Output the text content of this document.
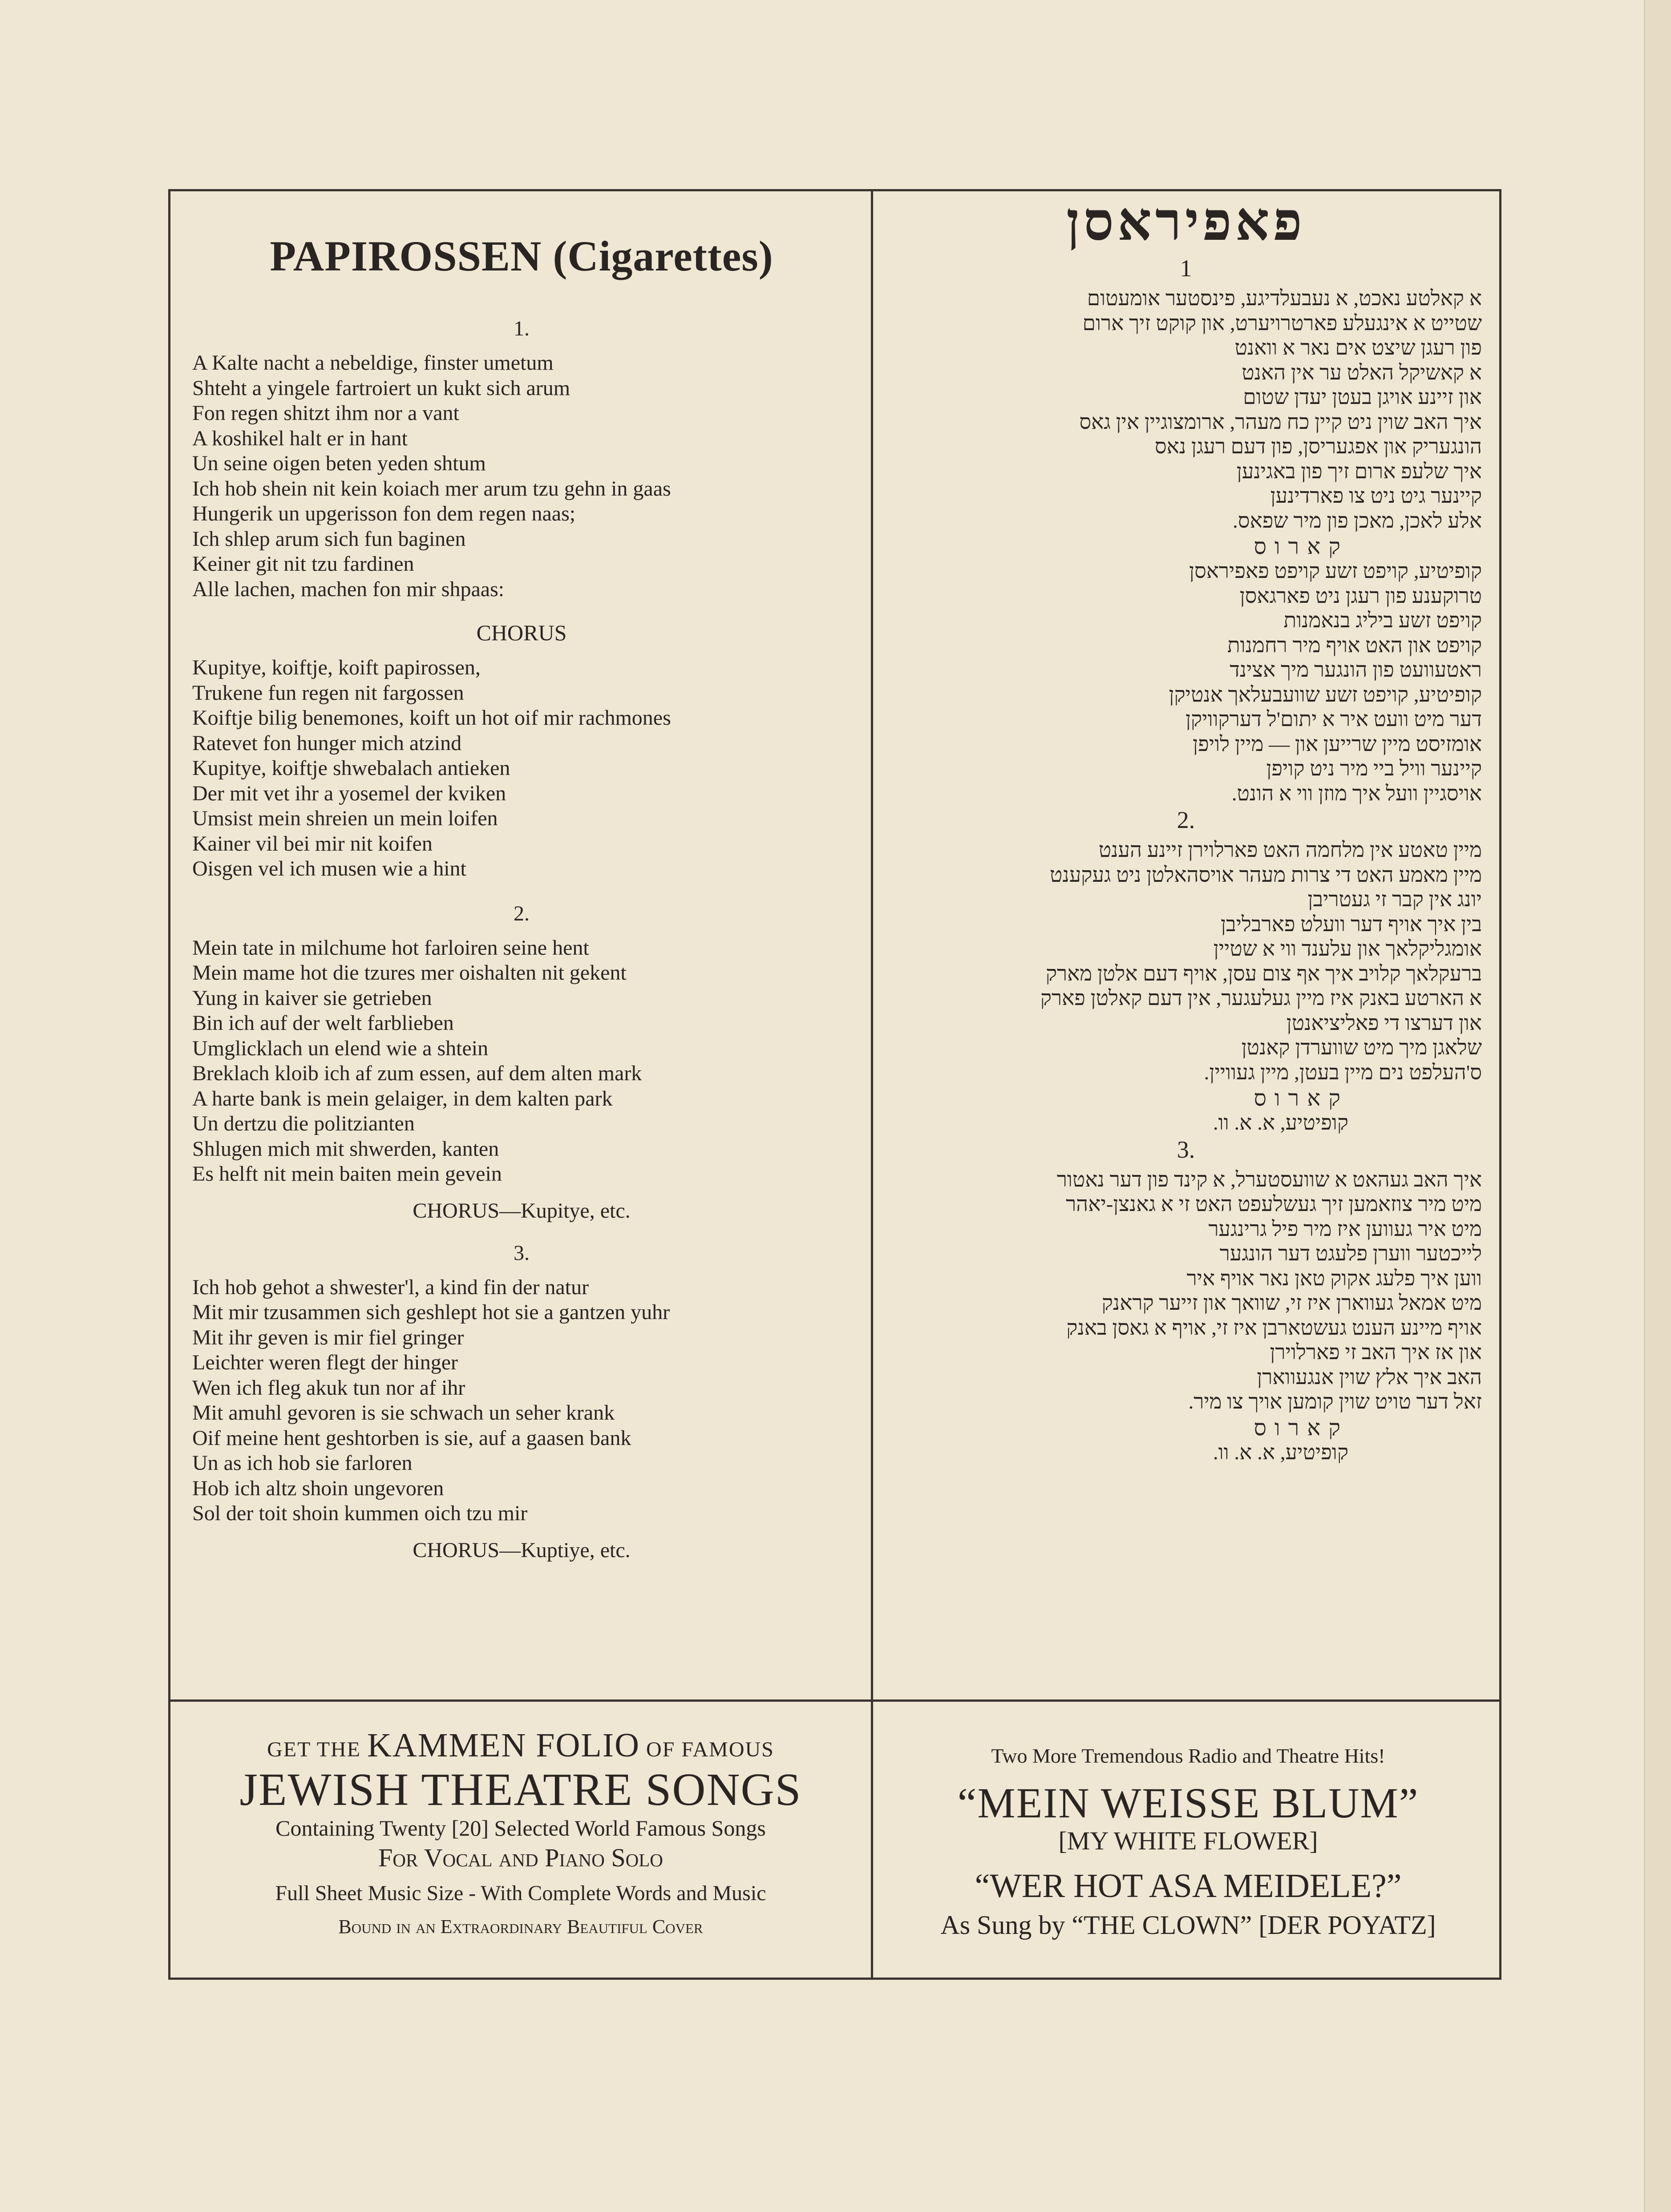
PAPIROSSEN (Cigarettes)
1.
A Kalte nacht a nebeldige, finster umetum
Shteht a yingele fartroiert un kukt sich arum
Fon regen shitzt ihm nor a vant
A koshikel halt er in hant
Un seine oigen beten yeden shtum
Ich hob shein nit kein koiach mer arum tzu gehn in gaas
Hungerik un upgerisson fon dem regen naas;
Ich shlep arum sich fun baginen
Keiner git nit tzu fardinen
Alle lachen, machen fon mir shpaas:
CHORUS
Kupitye, koiftje, koift papirossen,
Trukene fun regen nit fargossen
Koiftje bilig benemones, koift un hot oif mir rachmones
Ratevet fon hunger mich atzind
Kupitye, koiftje shwebalach antieken
Der mit vet ihr a yosemel der kviken
Umsist mein shreien un mein loifen
Kainer vil bei mir nit koifen
Oisgen vel ich musen wie a hint
2.
Mein tate in milchume hot farloiren seine hent
Mein mame hot die tzures mer oishalten nit gekent
Yung in kaiver sie getrieben
Bin ich auf der welt farblieben
Umglicklach un elend wie a shtein
Breklach kloib ich af zum essen, auf dem alten mark
A harte bank is mein gelaiger, in dem kalten park
Un dertzu die politzianten
Shlugen mich mit shwerden, kanten
Es helft nit mein baiten mein gevein
CHORUS—Kupitye, etc.
3.
Ich hob gehot a shwester'l, a kind fin der natur
Mit mir tzusammen sich geshlept hot sie a gantzen yuhr
Mit ihr geven is mir fiel gringer
Leichter weren flegt der hinger
Wen ich fleg akuk tun nor af ihr
Mit amuhl gevoren is sie schwach un seher krank
Oif meine hent geshtorben is sie, auf a gaasen bank
Un as ich hob sie farloren
Hob ich altz shoin ungevoren
Sol der toit shoin kummen oich tzu mir
CHORUS—Kuptiye, etc.
פאפיראסן
1
א קאלטע נאכט, א נעבעלדיגע, פינסטער אומעטום
שטייט א אינגעלע פארטרויערט, און קוקט זיך ארום
פון רעגן שיצט אים נאר א וואנט
א קאשיקל האלט ער אין האנט
און זיינע אויגן בעטן יעדן שטום
איך האב שוין ניט קיין כח מעהר, ארומצוגיין אין גאס
הונגעריק און אפגעריסן, פון דעם רעגן נאס
איך שלעפ ארום זיך פון באגינען
קיינער גיט ניט צו פארדינען
אלע לאכן, מאכן פון מיר שפאס.
קארוס
קופיטיע, קויפט זשע קויפט פאפיראסן
טרוקענע פון רעגן ניט פארגאסן
קויפט זשע ביליג בנאמנות
קויפט און האט אויף מיר רחמנות
ראטעוועט פון הונגער מיך אצינד
קופיטיע, קויפט זשע שוועבעלאך אנטיקן
דער מיט וועט איר א יתום'ל דערקוויקן
אומזיסט מיין שרייען און — מיין לויפן
קיינער וויל ביי מיר ניט קויפן
אויסגיין וועל איך מוזן ווי א הונט.
2.
מיין טאטע אין מלחמה האט פארלוירן זיינע הענט
מיין מאמע האט די צרות מעהר אויסהאלטן ניט געקענט
יונג אין קבר זי געטריבן
בין איך אויף דער וועלט פארבליבן
אומגליקלאך און עלענד ווי א שטיין
ברעקלאך קלויב איך אף צום עסן, אויף דעם אלטן מארק
א הארטע באנק איז מיין געלעגער, אין דעם קאלטן פארק
און דערצו די פאליציאנטן
שלאגן מיך מיט שווערדן קאנטן
ס'העלפט נים מיין בעטן, מיין געוויין.
קארוס
קופיטיע, א. א. וו.
3.
איך האב געהאט א שוועסטערל, א קינד פון דער נאטור
מיט מיר צוזאמען זיך געשלעפט האט זי א גאנצן-יאהר
מיט איר געווען איז מיר פיל גרינגער
לייכטער ווערן פלעגט דער הונגער
ווען איך פלעג אקוק טאן נאר אויף איר
מיט אמאל געווארן איז זי, שוואך און זייער קראנק
אויף מיינע הענט געשטארבן איז זי, אויף א גאסן באנק
און אז איך האב זי פארלוירן
האב איך אלץ שוין אנגעווארן
זאל דער טויט שוין קומען אויך צו מיר.
קארוס
קופיטיע, א. א. וו.
GET THE KAMMEN FOLIO OF FAMOUS
JEWISH THEATRE SONGS
Containing Twenty [20] Selected World Famous Songs
For Vocal and Piano Solo
Full Sheet Music Size - With Complete Words and Music
Bound in an Extraordinary Beautiful Cover
Two More Tremendous Radio and Theatre Hits!
“MEIN WEISSE BLUM”
[MY WHITE FLOWER]
“WER HOT ASA MEIDELE?”
As Sung by “THE CLOWN” [DER POYATZ]
